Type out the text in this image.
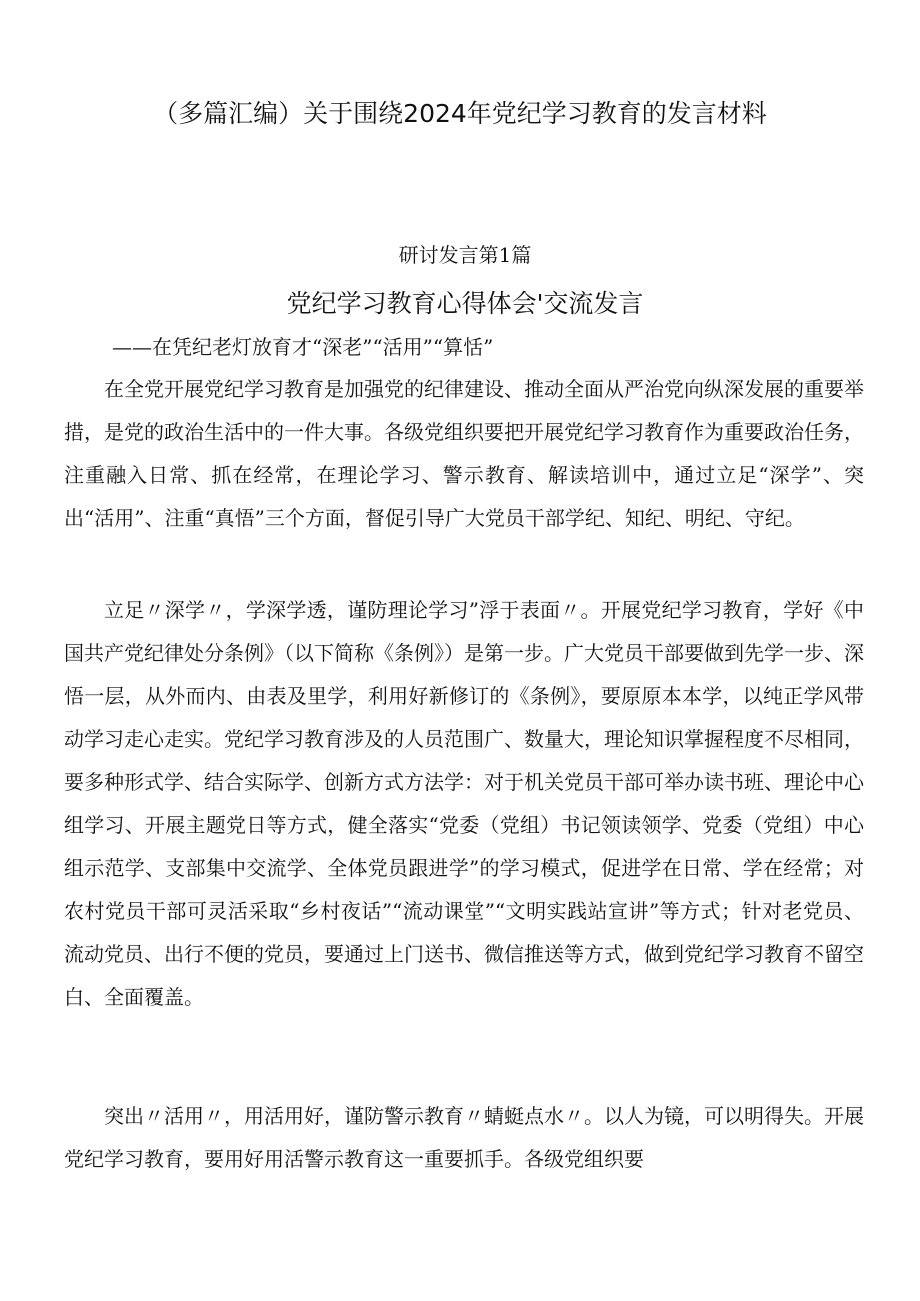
（多篇汇编）关于围绕2024年党纪学习教育的发言材料

研讨发言第1篇

党纪学习教育心得体会'交流发言

——在凭纪老灯放育才“深老”“活用”“算恬”

在全党开展党纪学习教育是加强党的纪律建设、推动全面从严治党向纵深发展的重要举措，是党的政治生活中的一件大事。各级党组织要把开展党纪学习教育作为重要政治任务，注重融入日常、抓在经常，在理论学习、警示教育、解读培训中，通过立足“深学”、突出“活用”、注重“真悟”三个方面，督促引导广大党员干部学纪、知纪、明纪、守纪。

立足〃深学〃，学深学透，谨防理论学习”浮于表面〃。开展党纪学习教育，学好《中国共产党纪律处分条例》（以下简称《条例》）是第一步。广大党员干部要做到先学一步、深悟一层，从外而内、由表及里学，利用好新修订的《条例》，要原原本本学，以纯正学风带动学习走心走实。党纪学习教育涉及的人员范围广、数量大，理论知识掌握程度不尽相同，要多种形式学、结合实际学、创新方式方法学：对于机关党员干部可举办读书班、理论中心组学习、开展主题党日等方式，健全落实“党委（党组）书记领读领学、党委（党组）中心组示范学、支部集中交流学、全体党员跟进学”的学习模式，促进学在日常、学在经常；对农村党员干部可灵活采取“乡村夜话”“流动课堂”“文明实践站宣讲”等方式；针对老党员、流动党员、出行不便的党员，要通过上门送书、微信推送等方式，做到党纪学习教育不留空白、全面覆盖。

突出〃活用〃，用活用好，谨防警示教育〃蜻蜓点水〃。以人为镜，可以明得失。开展党纪学习教育，要用好用活警示教育这一重要抓手。各级党组织要
